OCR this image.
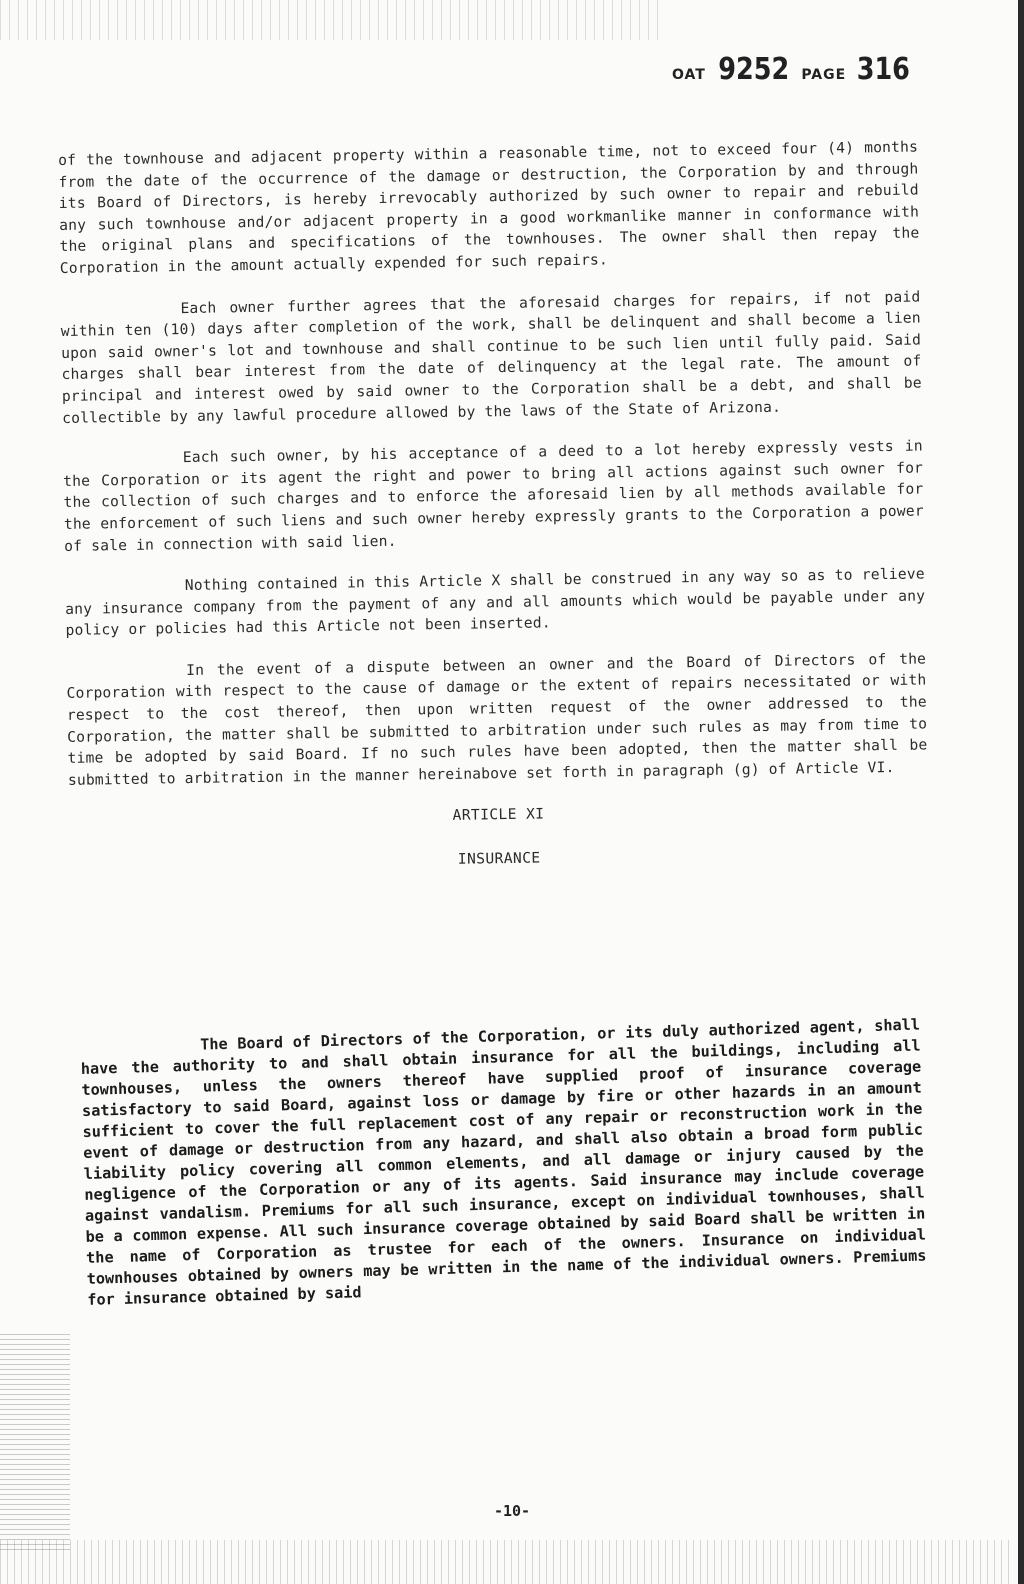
OAT 9252 PAGE 316

of the townhouse and adjacent property within a reasonable time, not to exceed four (4) months from the date of the occurrence of the damage or destruction, the Corporation by and through its Board of Directors, is hereby irrevocably authorized by such owner to repair and rebuild any such townhouse and/or adjacent property in a good workmanlike manner in conformance with the original plans and specifications of the townhouses. The owner shall then repay the Corporation in the amount actually expended for such repairs.

Each owner further agrees that the aforesaid charges for repairs, if not paid within ten (10) days after completion of the work, shall be delinquent and shall become a lien upon said owner's lot and townhouse and shall continue to be such lien until fully paid. Said charges shall bear interest from the date of delinquency at the legal rate. The amount of principal and interest owed by said owner to the Corporation shall be a debt, and shall be collectible by any lawful procedure allowed by the laws of the State of Arizona.

Each such owner, by his acceptance of a deed to a lot hereby expressly vests in the Corporation or its agent the right and power to bring all actions against such owner for the collection of such charges and to enforce the aforesaid lien by all methods available for the enforcement of such liens and such owner hereby expressly grants to the Corporation a power of sale in connection with said lien.

Nothing contained in this Article X shall be construed in any way so as to relieve any insurance company from the payment of any and all amounts which would be payable under any policy or policies had this Article not been inserted.

In the event of a dispute between an owner and the Board of Directors of the Corporation with respect to the cause of damage or the extent of repairs necessitated or with respect to the cost thereof, then upon written request of the owner addressed to the Corporation, the matter shall be submitted to arbitration under such rules as may from time to time be adopted by said Board. If no such rules have been adopted, then the matter shall be submitted to arbitration in the manner hereinabove set forth in paragraph (g) of Article VI.

ARTICLE XI
INSURANCE

The Board of Directors of the Corporation, or its duly authorized agent, shall have the authority to and shall obtain insurance for all the buildings, including all townhouses, unless the owners thereof have supplied proof of insurance coverage satisfactory to said Board, against loss or damage by fire or other hazards in an amount sufficient to cover the full replacement cost of any repair or reconstruction work in the event of damage or destruction from any hazard, and shall also obtain a broad form public liability policy covering all common elements, and all damage or injury caused by the negligence of the Corporation or any of its agents. Said insurance may include coverage against vandalism. Premiums for all such insurance, except on individual townhouses, shall be a common expense. All such insurance coverage obtained by said Board shall be written in the name of Corporation as trustee for each of the owners. Insurance on individual townhouses obtained by owners may be written in the name of the individual owners. Premiums for insurance obtained by said

-10-
